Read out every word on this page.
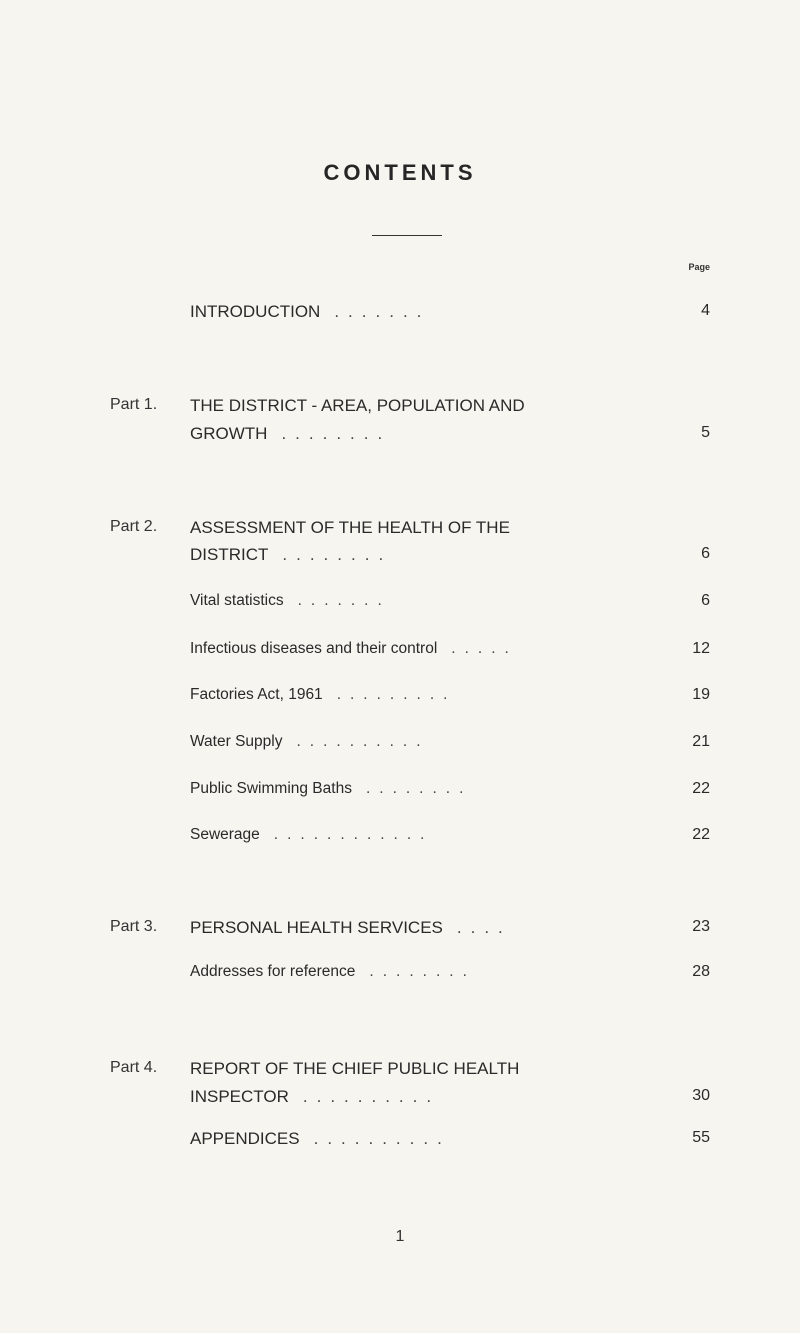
CONTENTS
Page
INTRODUCTION .......	4
Part 1. THE DISTRICT - AREA, POPULATION AND
GROWTH ........	5
Part 2. ASSESSMENT OF THE HEALTH OF THE
DISTRICT ........	6
Vital statistics .......	6
Infectious diseases and their control .....	12
Factories Act, 1961 .........	19
Water Supply ..........	21
Public Swimming Baths ........	22
Sewerage ............	22
Part 3. PERSONAL HEALTH SERVICES ....	23
Addresses for reference ........	28
Part 4. REPORT OF THE CHIEF PUBLIC HEALTH
INSPECTOR ..........	30
APPENDICES ..........	55
1
